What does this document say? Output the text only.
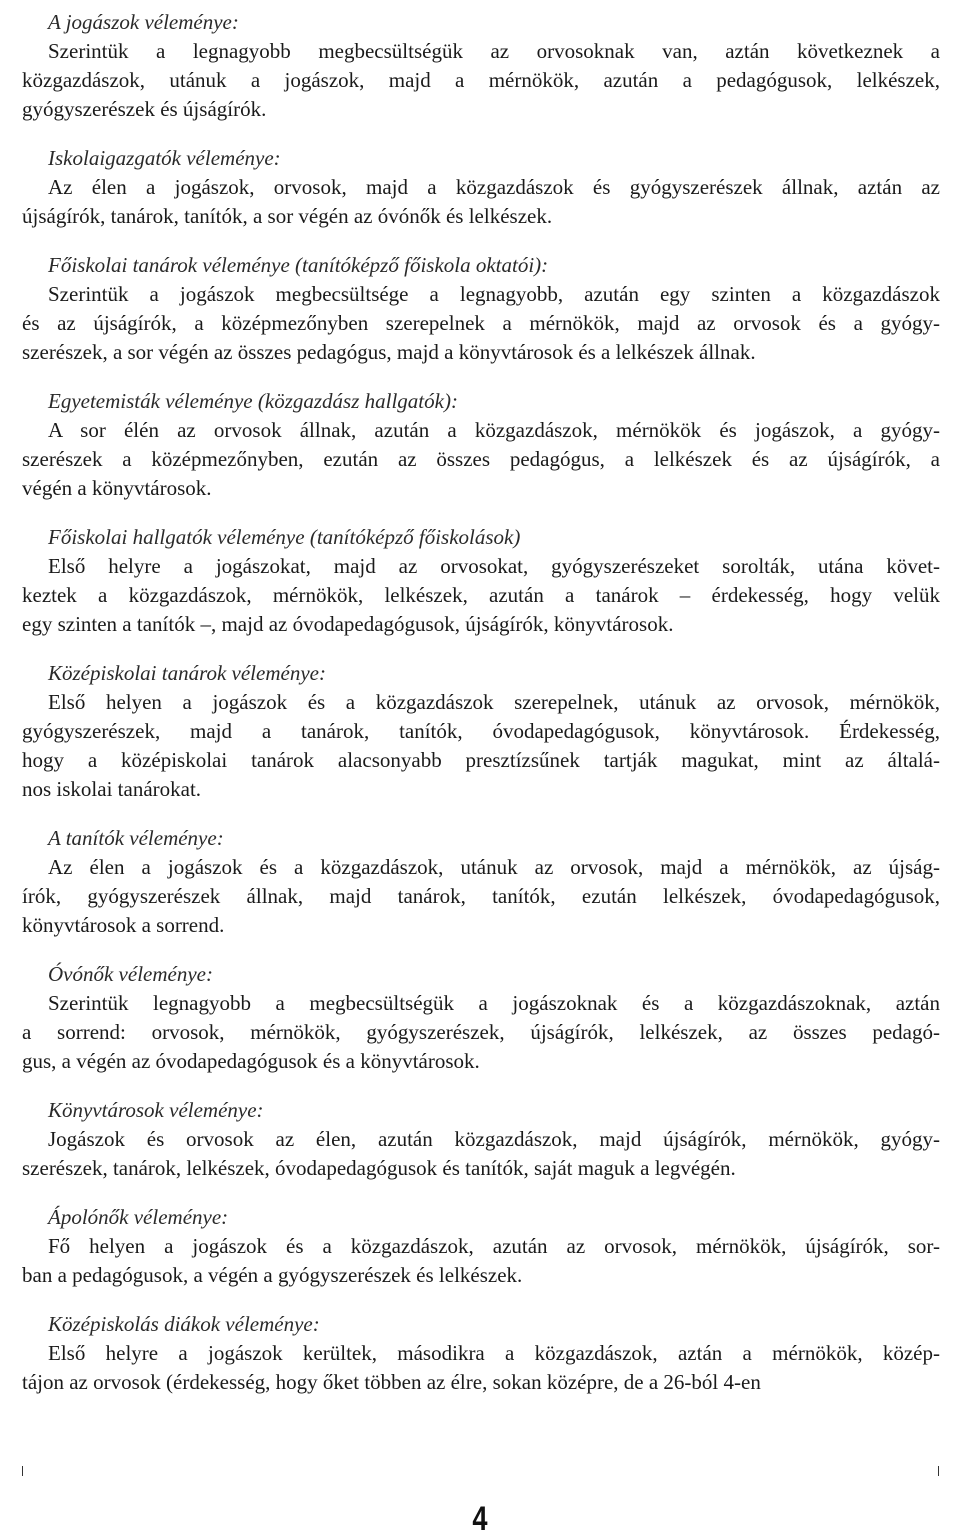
A jogászok véleménye:

Szerintük a legnagyobb megbecsültségük az orvosoknak van, aztán következnek a

közgazdászok, utánuk a jogászok, majd a mérnökök, azután a pedagógusok, lelkészek,

gyógyszerészek és újságírók.

Iskolaigazgatók véleménye:

Az élen a jogászok, orvosok, majd a közgazdászok és gyógyszerészek állnak, aztán az

újságírók, tanárok, tanítók, a sor végén az óvónők és lelkészek.

Főiskolai tanárok véleménye (tanítóképző főiskola oktatói):

Szerintük a jogászok megbecsültsége a legnagyobb, azután egy szinten a közgazdászok

és az újságírók, a középmezőnyben szerepelnek a mérnökök, majd az orvosok és a gyógy-

szerészek, a sor végén az összes pedagógus, majd a könyvtárosok és a lelkészek állnak.

Egyetemisták véleménye (közgazdász hallgatók):

A sor élén az orvosok állnak, azután a közgazdászok, mérnökök és jogászok, a gyógy-

szerészek a középmezőnyben, ezután az összes pedagógus, a lelkészek és az újságírók, a

végén a könyvtárosok.

Főiskolai hallgatók véleménye (tanítóképző főiskolások)

Első helyre a jogászokat, majd az orvosokat, gyógyszerészeket sorolták, utána követ-

keztek a közgazdászok, mérnökök, lelkészek, azután a tanárok – érdekesség, hogy velük

egy szinten a tanítók –, majd az óvodapedagógusok, újságírók, könyvtárosok.

Középiskolai tanárok véleménye:

Első helyen a jogászok és a közgazdászok szerepelnek, utánuk az orvosok, mérnökök,

gyógyszerészek, majd a tanárok, tanítók, óvodapedagógusok, könyvtárosok. Érdekesség,

hogy a középiskolai tanárok alacsonyabb presztízsűnek tartják magukat, mint az általá-

nos iskolai tanárokat.

A tanítók véleménye:

Az élen a jogászok és a közgazdászok, utánuk az orvosok, majd a mérnökök, az újság-

írók, gyógyszerészek állnak, majd tanárok, tanítók, ezután lelkészek, óvodapedagógusok,

könyvtárosok a sorrend.

Óvónők véleménye:

Szerintük legnagyobb a megbecsültségük a jogászoknak és a közgazdászoknak, aztán

a sorrend: orvosok, mérnökök, gyógyszerészek, újságírók, lelkészek, az összes pedagó-

gus, a végén az óvodapedagógusok és a könyvtárosok.

Könyvtárosok véleménye:

Jogászok és orvosok az élen, azután közgazdászok, majd újságírók, mérnökök, gyógy-

szerészek, tanárok, lelkészek, óvodapedagógusok és tanítók, saját maguk a legvégén.

Ápolónők véleménye:

Fő helyen a jogászok és a közgazdászok, azután az orvosok, mérnökök, újságírók, sor-

ban a pedagógusok, a végén a gyógyszerészek és lelkészek.

Középiskolás diákok véleménye:

Első helyre a jogászok kerültek, másodikra a közgazdászok, aztán a mérnökök, közép-

tájon az orvosok (érdekesség, hogy őket többen az élre, sokan középre, de a 26-ból 4-en

4
